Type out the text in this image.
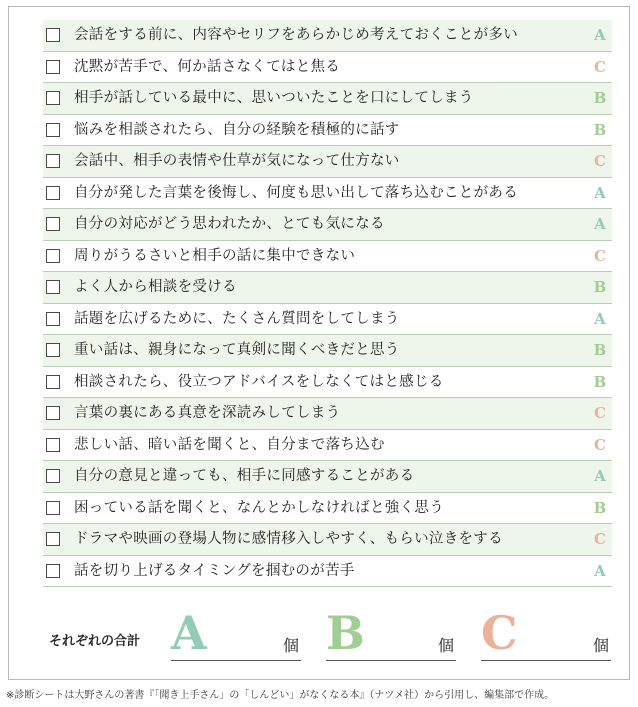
会話をする前に、内容やセリフをあらかじめ考えておくことが多い	A
沈黙が苦手で、何か話さなくてはと焦る	C
相手が話している最中に、思いついたことを口にしてしまう	B
悩みを相談されたら、自分の経験を積極的に話す	B
会話中、相手の表情や仕草が気になって仕方ない	C
自分が発した言葉を後悔し、何度も思い出して落ち込むことがある	A
自分の対応がどう思われたか、とても気になる	A
周りがうるさいと相手の話に集中できない	C
よく人から相談を受ける	B
話題を広げるために、たくさん質問をしてしまう	A
重い話は、親身になって真剣に聞くべきだと思う	B
相談されたら、役立つアドバイスをしなくてはと感じる	B
言葉の裏にある真意を深読みしてしまう	C
悲しい話、暗い話を聞くと、自分まで落ち込む	C
自分の意見と違っても、相手に同感することがある	A
困っている話を聞くと、なんとかしなければと強く思う	B
ドラマや映画の登場人物に感情移入しやすく、もらい泣きをする	C
話を切り上げるタイミングを掴むのが苦手	A
それぞれの合計 A	個 B	個 C	個
※診断シートは大野さんの著書『「聞き上手さん」の「しんどい」がなくなる本』（ナツメ社）から引用し、編集部で作成。
